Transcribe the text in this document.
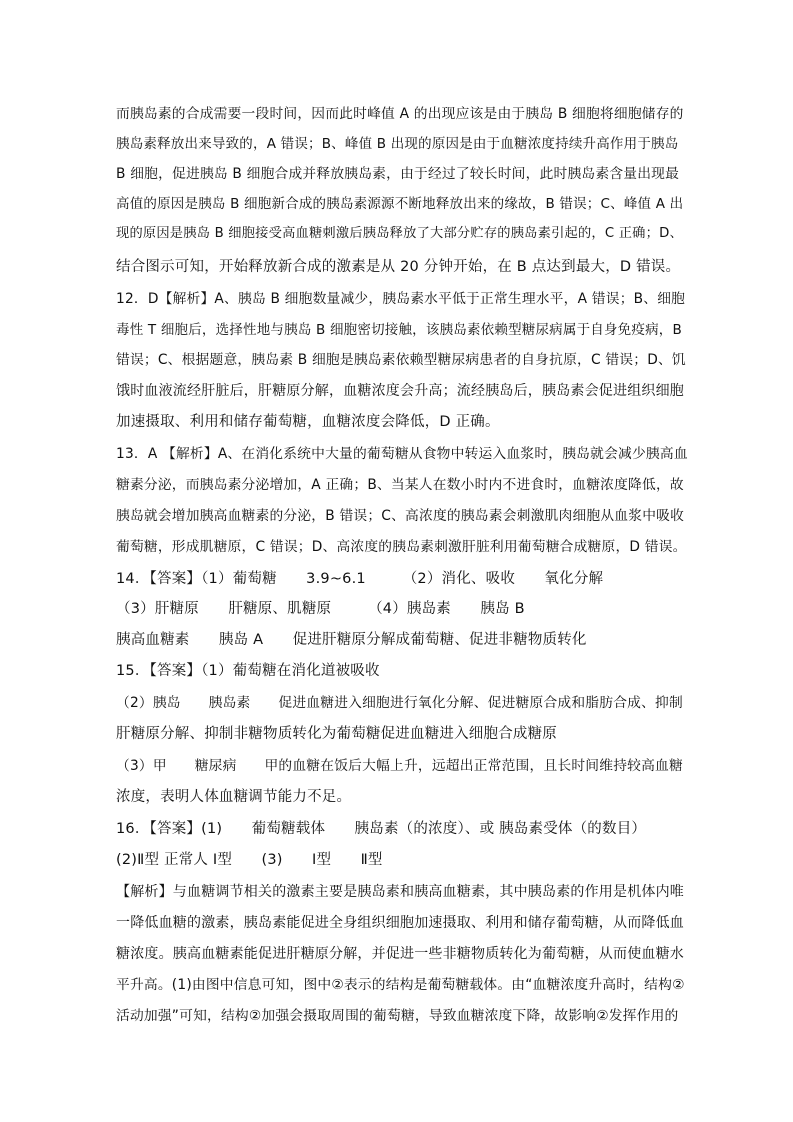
而胰岛素的合成需要一段时间，因而此时峰值 A 的出现应该是由于胰岛 B 细胞将细胞储存的
胰岛素释放出来导致的，A 错误；B、峰值 B 出现的原因是由于血糖浓度持续升高作用于胰岛
B 细胞，促进胰岛 B 细胞合成并释放胰岛素，由于经过了较长时间，此时胰岛素含量出现最
高值的原因是胰岛 B 细胞新合成的胰岛素源源不断地释放出来的缘故，B 错误；C、峰值 A 出
现的原因是胰岛 B 细胞接受高血糖刺激后胰岛释放了大部分贮存的胰岛素引起的，C 正确；D、
结合图示可知，开始释放新合成的激素是从 20 分钟开始，在 B 点达到最大，D 错误。
12．D【解析】A、胰岛 B 细胞数量减少，胰岛素水平低于正常生理水平，A 错误；B、细胞
毒性 T 细胞后，选择性地与胰岛 B 细胞密切接触，该胰岛素依赖型糖尿病属于自身免疫病，B
错误；C、根据题意，胰岛素 B 细胞是胰岛素依赖型糖尿病患者的自身抗原，C 错误；D、饥
饿时血液流经肝脏后，肝糖原分解，血糖浓度会升高；流经胰岛后，胰岛素会促进组织细胞
加速摄取、利用和储存葡萄糖，血糖浓度会降低，D 正确。
13．A 【解析】A、在消化系统中大量的葡萄糖从食物中转运入血浆时，胰岛就会减少胰高血
糖素分泌，而胰岛素分泌增加，A 正确；B、当某人在数小时内不进食时，血糖浓度降低，故
胰岛就会增加胰高血糖素的分泌，B 错误；C、高浓度的胰岛素会刺激肌肉细胞从血浆中吸收
葡萄糖，形成肌糖原，C 错误；D、高浓度的胰岛素刺激肝脏利用葡萄糖合成糖原，D 错误。
14．【答案】（1）葡萄糖　　3.9~6.1　　　（2）消化、吸收　　氧化分解
（3）肝糖原　　肝糖原、肌糖原　　　（4）胰岛素　　胰岛 B
胰高血糖素　　胰岛 A　　促进肝糖原分解成葡萄糖、促进非糖物质转化
15．【答案】（1）葡萄糖在消化道被吸收
（2）胰岛　　胰岛素　　促进血糖进入细胞进行氧化分解、促进糖原合成和脂肪合成、抑制
肝糖原分解、抑制非糖物质转化为葡萄糖促进血糖进入细胞合成糖原
（3）甲　　糖尿病　　甲的血糖在饭后大幅上升，远超出正常范围，且长时间维持较高血糖
浓度，表明人体血糖调节能力不足。
16．【答案】(1)　　葡萄糖载体　　胰岛素（的浓度）、或 胰岛素受体（的数目）
(2)Ⅱ型 正常人 Ⅰ型　　(3)　　Ⅰ型　　Ⅱ型
【解析】与血糖调节相关的激素主要是胰岛素和胰高血糖素，其中胰岛素的作用是机体内唯
一降低血糖的激素，胰岛素能促进全身组织细胞加速摄取、利用和储存葡萄糖，从而降低血
糖浓度。胰高血糖素能促进肝糖原分解，并促进一些非糖物质转化为葡萄糖，从而使血糖水
平升高。(1)由图中信息可知，图中②表示的结构是葡萄糖载体。由“血糖浓度升高时，结构②
活动加强”可知，结构②加强会摄取周围的葡萄糖，导致血糖浓度下降，故影响②发挥作用的
